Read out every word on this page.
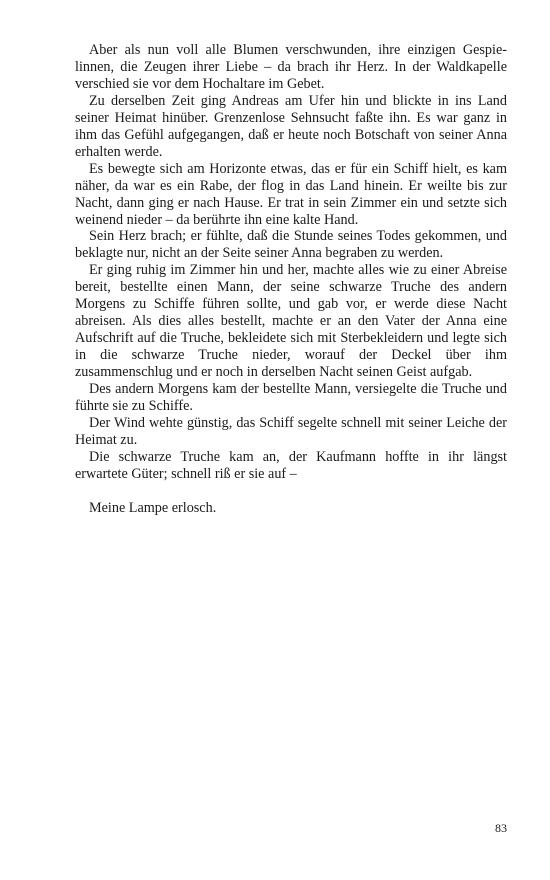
Aber als nun voll alle Blumen verschwunden, ihre einzigen Gespielinnen, die Zeugen ihrer Liebe – da brach ihr Herz. In der Waldkapelle verschied sie vor dem Hochaltare im Gebet.

Zu derselben Zeit ging Andreas am Ufer hin und blickte in ins Land seiner Heimat hinüber. Grenzenlose Sehnsucht faßte ihn. Es war ganz in ihm das Gefühl aufgegangen, daß er heute noch Botschaft von seiner Anna erhalten werde.

Es bewegte sich am Horizonte etwas, das er für ein Schiff hielt, es kam näher, da war es ein Rabe, der flog in das Land hinein. Er weilte bis zur Nacht, dann ging er nach Hause. Er trat in sein Zimmer ein und setzte sich weinend nieder – da berührte ihn eine kalte Hand.

Sein Herz brach; er fühlte, daß die Stunde seines Todes gekommen, und beklagte nur, nicht an der Seite seiner Anna begraben zu werden.

Er ging ruhig im Zimmer hin und her, machte alles wie zu einer Abreise bereit, bestellte einen Mann, der seine schwarze Truche des andern Morgens zu Schiffe führen sollte, und gab vor, er werde diese Nacht abreisen. Als dies alles bestellt, machte er an den Vater der Anna eine Aufschrift auf die Truche, bekleidete sich mit Sterbekleidern und legte sich in die schwarze Truche nieder, worauf der Deckel über ihm zusammenschlug und er noch in derselben Nacht seinen Geist aufgab.

Des andern Morgens kam der bestellte Mann, versiegelte die Truche und führte sie zu Schiffe.

Der Wind wehte günstig, das Schiff segelte schnell mit seiner Leiche der Heimat zu.

Die schwarze Truche kam an, der Kaufmann hoffte in ihr längst erwartete Güter; schnell riß er sie auf –

Meine Lampe erlosch.

83
